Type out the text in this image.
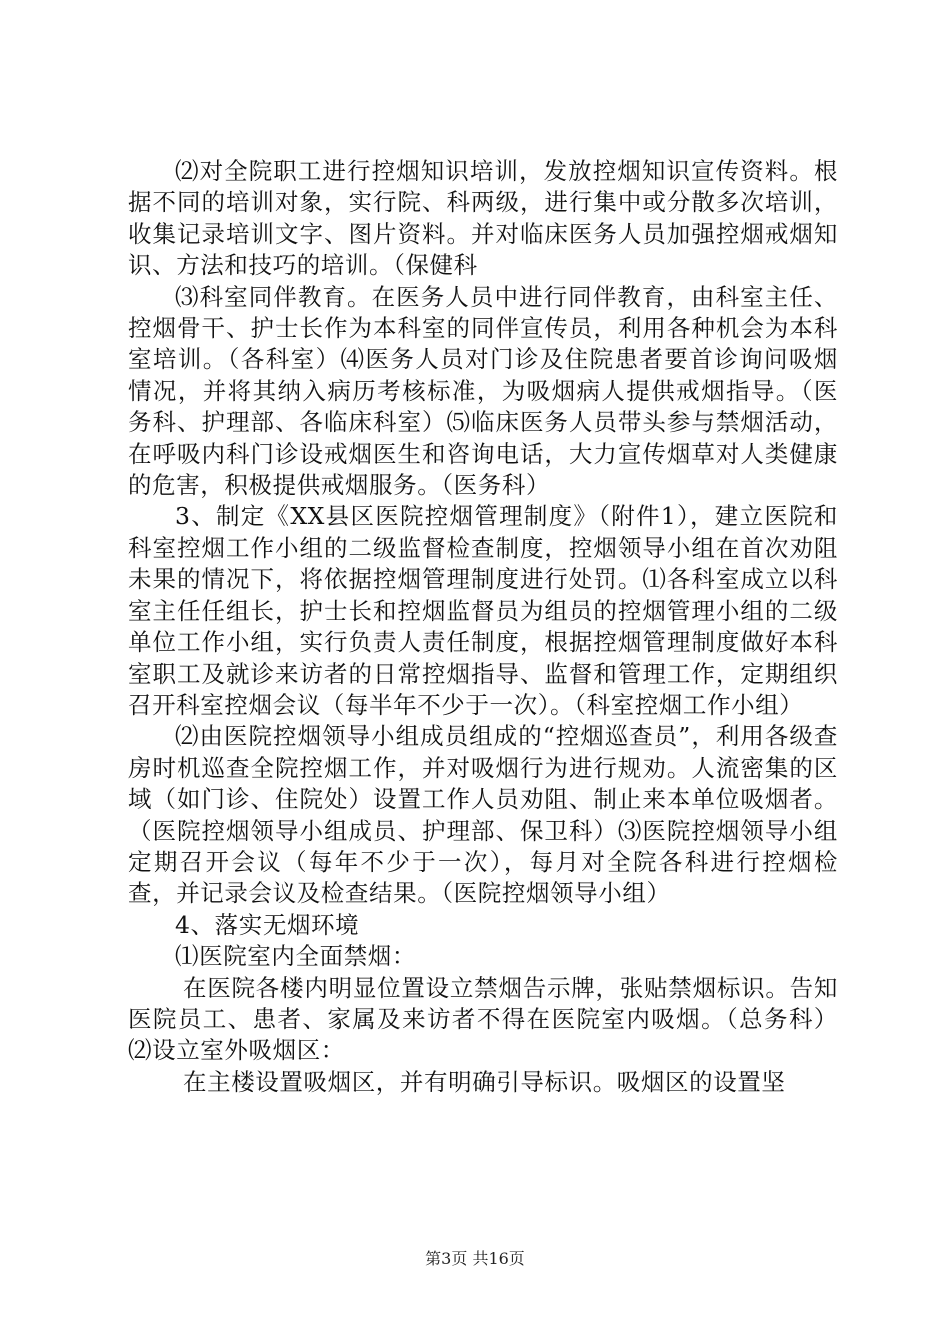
⑵对全院职工进行控烟知识培训，发放控烟知识宣传资料。根据不同的培训对象，实行院、科两级，进行集中或分散多次培训，收集记录培训文字、图片资料。并对临床医务人员加强控烟戒烟知识、方法和技巧的培训。（保健科

⑶科室同伴教育。在医务人员中进行同伴教育，由科室主任、控烟骨干、护士长作为本科室的同伴宣传员，利用各种机会为本科室培训。（各科室）⑷医务人员对门诊及住院患者要首诊询问吸烟情况，并将其纳入病历考核标准，为吸烟病人提供戒烟指导。（医务科、护理部、各临床科室）⑸临床医务人员带头参与禁烟活动，在呼吸内科门诊设戒烟医生和咨询电话，大力宣传烟草对人类健康的危害，积极提供戒烟服务。（医务科）

3、制定《XX县区医院控烟管理制度》（附件1），建立医院和科室控烟工作小组的二级监督检查制度，控烟领导小组在首次劝阻未果的情况下，将依据控烟管理制度进行处罚。⑴各科室成立以科室主任任组长，护士长和控烟监督员为组员的控烟管理小组的二级单位工作小组，实行负责人责任制度，根据控烟管理制度做好本科室职工及就诊来访者的日常控烟指导、监督和管理工作，定期组织召开科室控烟会议（每半年不少于一次）。（科室控烟工作小组）

⑵由医院控烟领导小组成员组成的“控烟巡查员”，利用各级查房时机巡查全院控烟工作，并对吸烟行为进行规劝。人流密集的区域（如门诊、住院处）设置工作人员劝阻、制止来本单位吸烟者。（医院控烟领导小组成员、护理部、保卫科）⑶医院控烟领导小组定期召开会议（每年不少于一次），每月对全院各科进行控烟检查，并记录会议及检查结果。（医院控烟领导小组）

4、落实无烟环境

⑴医院室内全面禁烟：

在医院各楼内明显位置设立禁烟告示牌，张贴禁烟标识。告知医院员工、患者、家属及来访者不得在医院室内吸烟。（总务科）⑵设立室外吸烟区：

在主楼设置吸烟区，并有明确引导标识。吸烟区的设置坚

第3页 共16页
